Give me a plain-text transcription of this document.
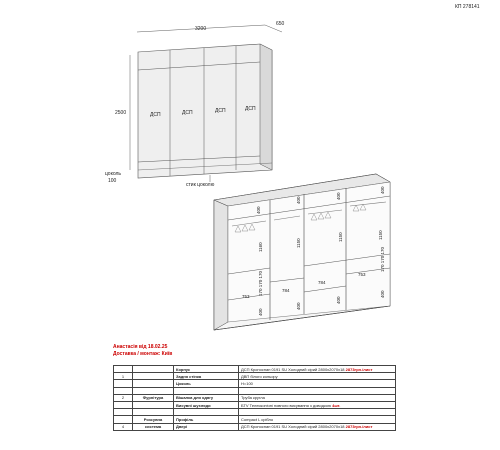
КП 278141
ДСП	ДСП	ДСП	ДСП
3200
650
2500
цоколь
100
стик цоколю
400
400
400
400
1160	1150
1150	1150
170 170 170
170 170 170
400
400
400
400
753
784
784
753
Анастасія від 18.02.25
Доставка / монтаж: Київ
		Корпус	ДСП Кроноспан 0191 SU Холодний сірий 2800х2070х18 2873грн./лист
1		Задня стінка	ДВП білого кольору
		Цоколь	Н=100

2	Фурнітура	Вішалка для одягу	Труба кругла
		Висувні шухляди	БТV Телескопічні повного висування з доводкою 4шт.

	Розсувна	Профіль	Compact L срібло
4	система	Двері	ДСП Кроноспан 0191 SU Холодний сірий 2800х2070х18 2873грн./лист
